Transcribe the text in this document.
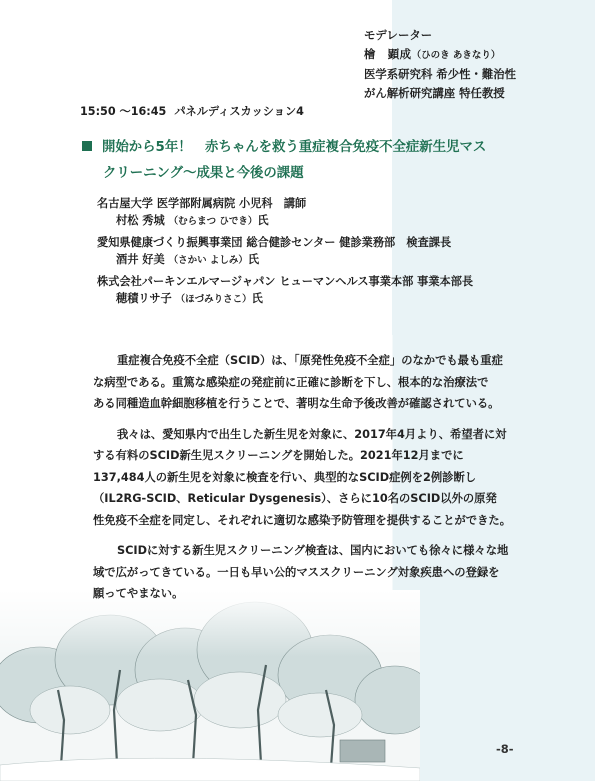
モデレーター
檜　顕成（ひのき あきなり）
医学系研究科 希少性・難治性
がん解析研究講座 特任教授
15:50 ～16:45 パネルディスカッション4
開始から5年！　赤ちゃんを救う重症複合免疫不全症新生児マス
クリーニング～成果と今後の課題
名古屋大学 医学部附属病院 小児科　講師
村松 秀城 （むらまつ ひでき）氏
愛知県健康づくり振興事業団 総合健診センター 健診業務部　検査課長
酒井 好美 （さかい よしみ）氏
株式会社パーキンエルマージャパン ヒューマンヘルス事業本部 事業本部長
穂積リサ子 （ほづみりさこ）氏

重症複合免疫不全症（SCID）は、「原発性免疫不全症」のなかでも最も重症
な病型である。重篤な感染症の発症前に正確に診断を下し、根本的な治療法で
ある同種造血幹細胞移植を行うことで、著明な生命予後改善が確認されている。

我々は、愛知県内で出生した新生児を対象に、2017年4月より、希望者に対
する有料のSCID新生児スクリーニングを開始した。2021年12月までに
137,484人の新生児を対象に検査を行い、典型的なSCID症例を2例診断し
（IL2RG-SCID、Reticular Dysgenesis）、さらに10名のSCID以外の原発
性免疫不全症を同定し、それぞれに適切な感染予防管理を提供することができた。

SCIDに対する新生児スクリーニング検査は、国内においても徐々に様々な地
域で広がってきている。一日も早い公的マススクリーニング対象疾患への登録を
願ってやまない。

-8-
